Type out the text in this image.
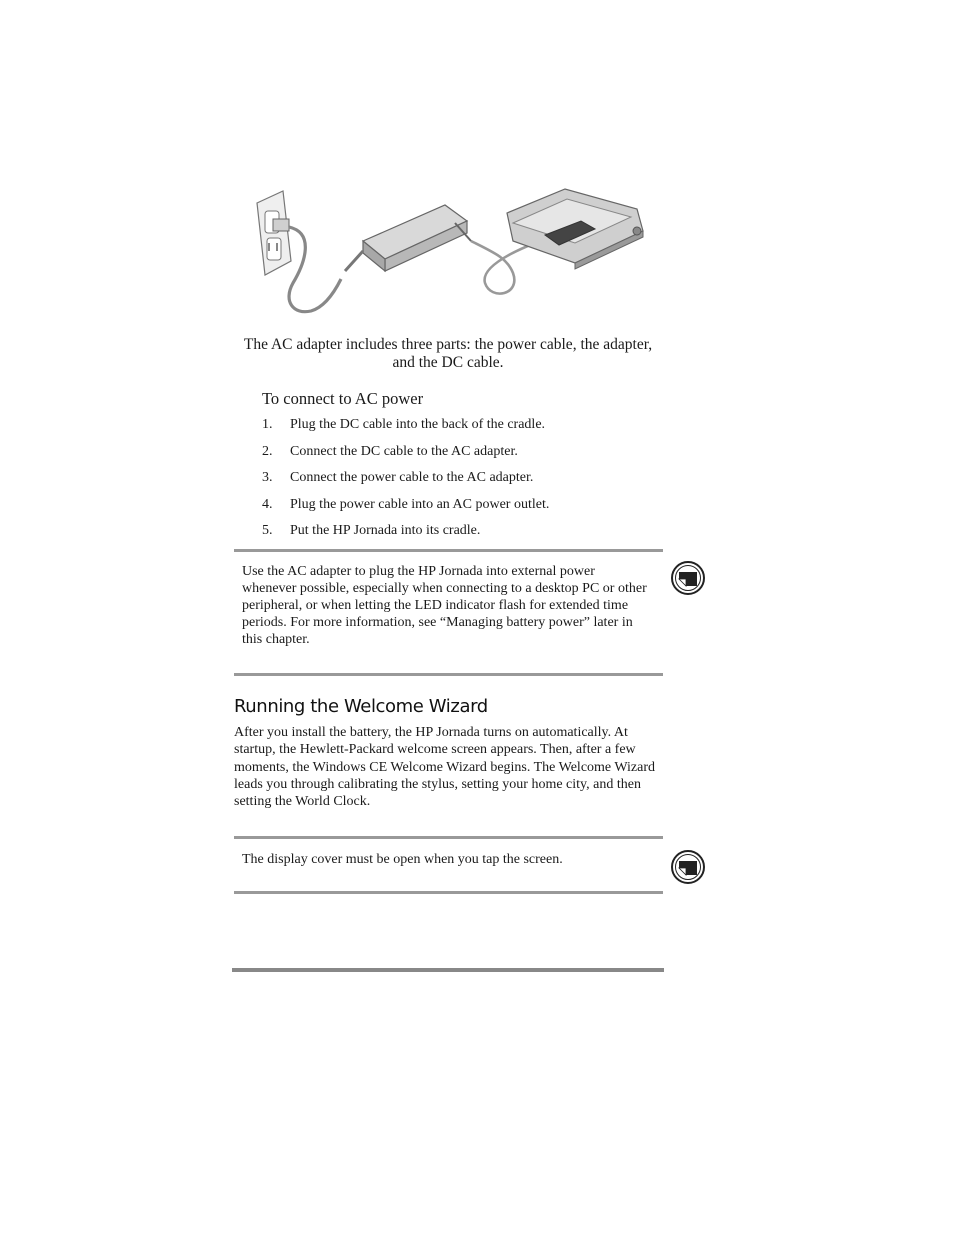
The AC adapter includes three parts: the power cable, the adapter, and the DC cable.
To connect to AC power
1.	Plug the DC cable into the back of the cradle.
2.	Connect the DC cable to the AC adapter.
3.	Connect the power cable to the AC adapter.
4.	Plug the power cable into an AC power outlet.
5.	Put the HP Jornada into its cradle.
Use the AC adapter to plug the HP Jornada into external power whenever possible, especially when connecting to a desktop PC or other peripheral, or when letting the LED indicator flash for extended time periods. For more information, see “Managing battery power” later in this chapter.
Running the Welcome Wizard
After you install the battery, the HP Jornada turns on automatically. At startup, the Hewlett-Packard welcome screen appears. Then, after a few moments, the Windows CE Welcome Wizard begins. The Welcome Wizard leads you through calibrating the stylus, setting your home city, and then setting the World Clock.
The display cover must be open when you tap the screen.
